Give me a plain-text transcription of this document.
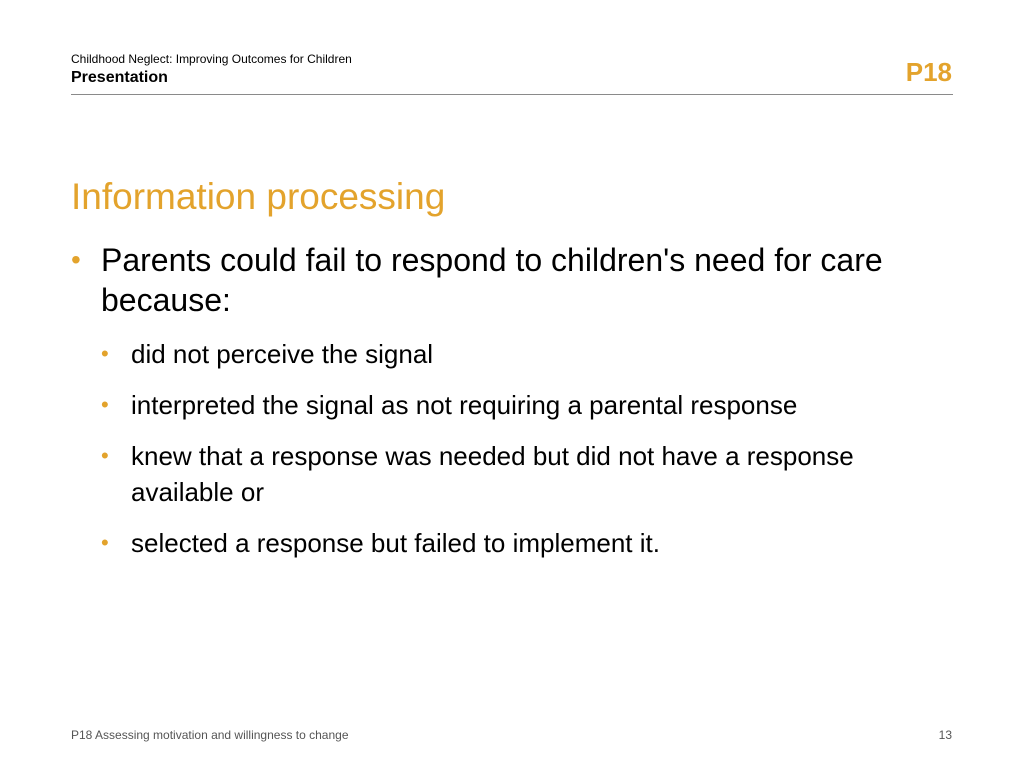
Childhood Neglect: Improving Outcomes for Children
Presentation	P18
Information processing
• Parents could fail to respond to children's need for care because:
• did not perceive the signal
• interpreted the signal as not requiring a parental response
• knew that a response was needed but did not have a response available or
• selected a response but failed to implement it.
P18 Assessing motivation and willingness to change	13
